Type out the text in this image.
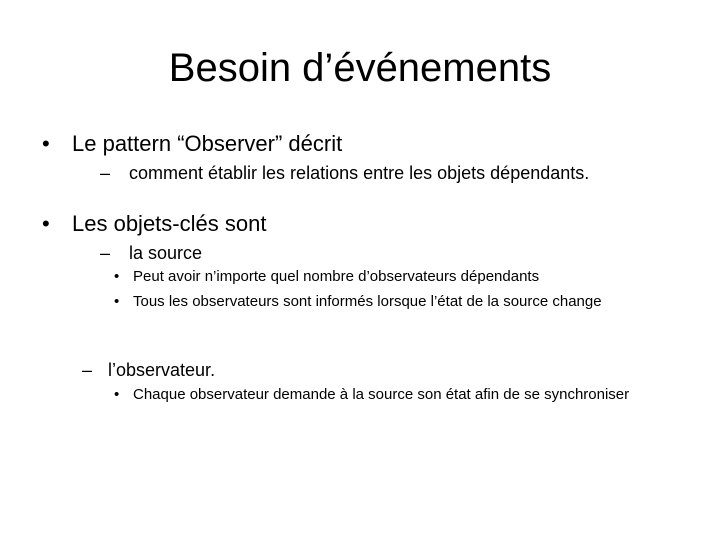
Besoin d’événements
• Le pattern “Observer” décrit
– comment établir les relations entre les objets dépendants.
• Les objets-clés sont
– la source
• Peut avoir n’importe quel nombre d’observateurs dépendants
• Tous les observateurs sont informés lorsque l’état de la source change
– l’observateur.
• Chaque observateur demande à la source son état afin de se synchroniser
